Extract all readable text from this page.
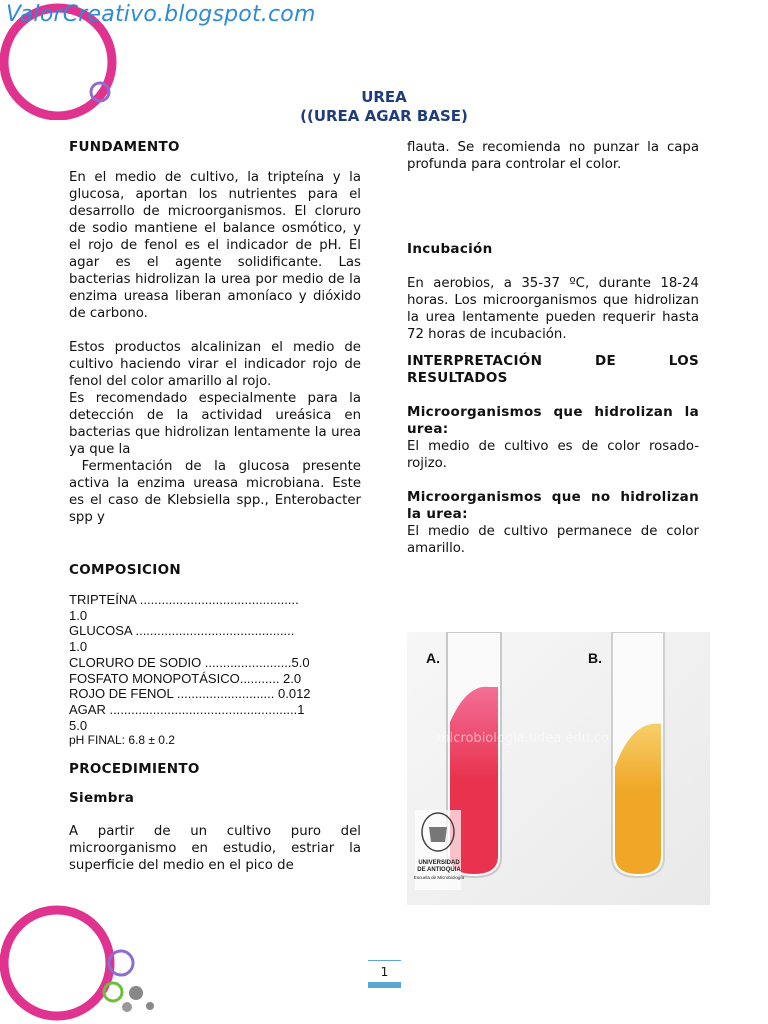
ValorCreativo.blogspot.com
UREA
((UREA AGAR BASE)

FUNDAMENTO

En el medio de cultivo, la tripteína y la glucosa, aportan los nutrientes para el desarrollo de microorganismos. El cloruro de sodio mantiene el balance osmótico, y el rojo de fenol es el indicador de pH. El agar es el agente solidificante. Las bacterias hidrolizan la urea por medio de la enzima ureasa liberan amoníaco y dióxido de carbono.

Estos productos alcalinizan el medio de cultivo haciendo virar el indicador rojo de fenol del color amarillo al rojo.

Es recomendado especialmente para la detección de la actividad ureásica en bacterias que hidrolizan lentamente la urea ya que la

Fermentación de la glucosa presente activa la enzima ureasa microbiana. Este es el caso de Klebsiella spp., Enterobacter spp y

COMPOSICION

TRIPTEÍNA ............................................
1.0
GLUCOSA ............................................
1.0
CLORURO DE SODIO ........................5.0
FOSFATO MONOPOTÁSICO........... 2.0
ROJO DE FENOL ........................... 0.012
AGAR ....................................................1
5.0
pH FINAL: 6.8 ± 0.2

PROCEDIMIENTO

Siembra

A partir de un cultivo puro del microorganismo en estudio, estriar la superficie del medio en el pico de

flauta. Se recomienda no punzar la capa profunda para controlar el color.

Incubación

En aerobios, a 35-37 ºC, durante 18-24 horas. Los microorganismos que hidrolizan la urea lentamente pueden requerir hasta 72 horas de incubación.

INTERPRETACIÓN DE LOS RESULTADOS

Microorganismos que hidrolizan la urea:

El medio de cultivo es de color rosado-rojizo.

Microorganismos que no hidrolizan la urea:

El medio de cultivo permanece de color amarillo.

A.	B.
microbiologia.udea.edu.co
UNIVERSIDAD
DE ANTIOQUIA
Escuela de Microbiología
1
